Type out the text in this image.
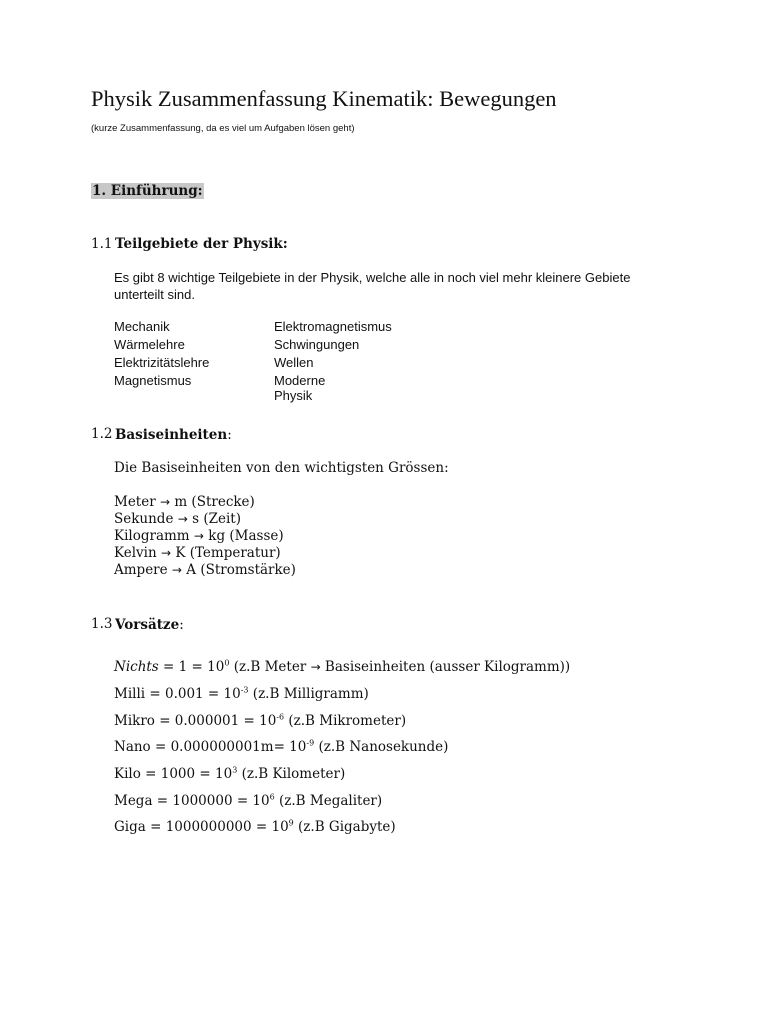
Physik Zusammenfassung Kinematik: Bewegungen
(kurze Zusammenfassung, da es viel um Aufgaben lösen geht)
1. Einführung:
1.1 Teilgebiete der Physik:
Es gibt 8 wichtige Teilgebiete in der Physik, welche alle in noch viel mehr kleinere Gebiete
unterteilt sind.
Mechanik	Elektromagnetismus
Wärmelehre	Schwingungen
Elektrizitätslehre	Wellen
Magnetismus	Moderne Physik
1.2 Basiseinheiten:
Die Basiseinheiten von den wichtigsten Grössen:
Meter → m (Strecke)
Sekunde → s (Zeit)
Kilogramm → kg (Masse)
Kelvin → K (Temperatur)
Ampere → A (Stromstärke)
1.3 Vorsätze:
Nichts = $1 = 10^0$ (z.B Meter → Basiseinheiten (ausser Kilogramm))
Milli = $0.001 = 10^{-3}$ (z.B Milligramm)
Mikro = $0.000001 = 10^{-6}$ (z.B Mikrometer)
Nano = $0.000000001m= 10^{-9}$ (z.B Nanosekunde)
Kilo = $1000 = 10^3$ (z.B Kilometer)
Mega = $1000000 = 10^6$ (z.B Megaliter)
Giga = $1000000000 = 10^9$ (z.B Gigabyte)
